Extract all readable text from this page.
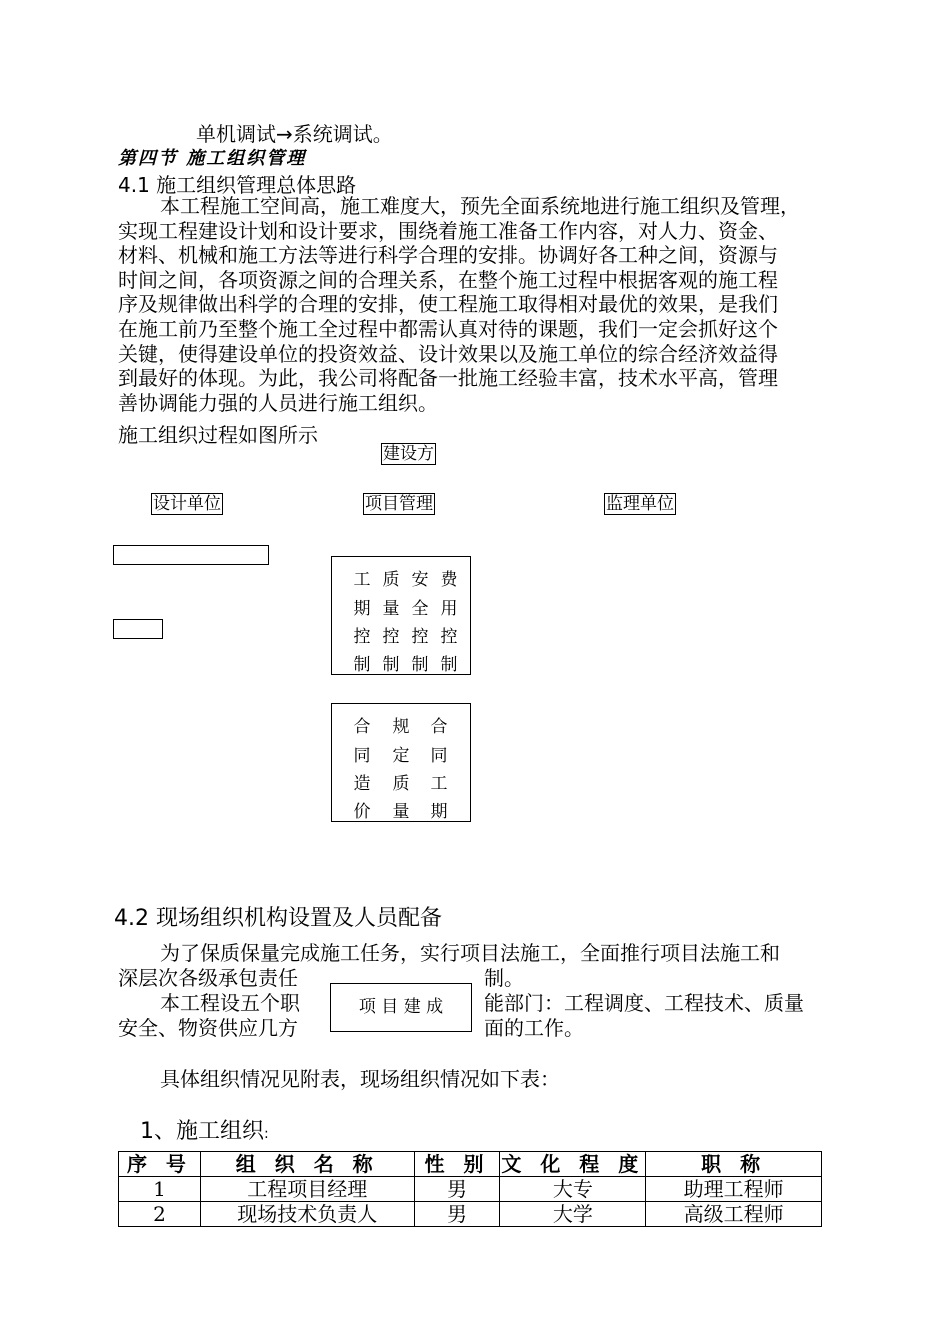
单机调试→系统调试。
第四节 施工组织管理
4.1 施工组织管理总体思路
本工程施工空间高，施工难度大，预先全面系统地进行施工组织及管理，
实现工程建设计划和设计要求，围绕着施工准备工作内容，对人力、资金、
材料、机械和施工方法等进行科学合理的安排。协调好各工种之间，资源与
时间之间，各项资源之间的合理关系，在整个施工过程中根据客观的施工程
序及规律做出科学的合理的安排，使工程施工取得相对最优的效果，是我们
在施工前乃至整个施工全过程中都需认真对待的课题，我们一定会抓好这个
关键，使得建设单位的投资效益、设计效果以及施工单位的综合经济效益得
到最好的体现。为此，我公司将配备一批施工经验丰富，技术水平高，管理
善协调能力强的人员进行施工组织。
施工组织过程如图所示
建设方
设计单位	项目管理	监理单位
工 质 安 费
期 量 全 用
控 控 控 控
制 制 制 制
合 规 合
同 定 同
造 质 工
价 量 期
4.2 现场组织机构设置及人员配备
为了保质保量完成施工任务，实行项目法施工，全面推行项目法施工和
深层次各级承包责任	制。
本工程设五个职	能部门：工程调度、工程技术、质量
安全、物资供应几方	面的工作。
项 目 建 成
具体组织情况见附表，现场组织情况如下表：
1、施工组织:
序 号	组 织 名 称	性 别	文 化 程 度	职 称
1	工程项目经理	男	大专	助理工程师
2	现场技术负责人	男	大学	高级工程师
